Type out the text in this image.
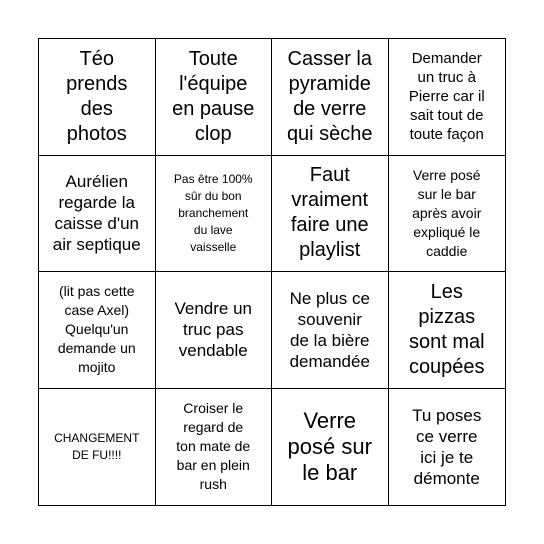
Téo
prends
des
photos
Toute
l'équipe
en pause
clop
Casser la
pyramide
de verre
qui sèche
Demander
un truc à
Pierre car il
sait tout de
toute façon
Aurélien
regarde la
caisse d'un
air septique
Pas être 100%
sûr du bon
branchement
du lave
vaisselle
Faut
vraiment
faire une
playlist
Verre posé
sur le bar
après avoir
expliqué le
caddie
(lit pas cette
case Axel)
Quelqu'un
demande un
mojito
Vendre un
truc pas
vendable
Ne plus ce
souvenir
de la bière
demandée
Les
pizzas
sont mal
coupées
CHANGEMENT
DE FU!!!!
Croiser le
regard de
ton mate de
bar en plein
rush
Verre
posé sur
le bar
Tu poses
ce verre
ici je te
démonte
